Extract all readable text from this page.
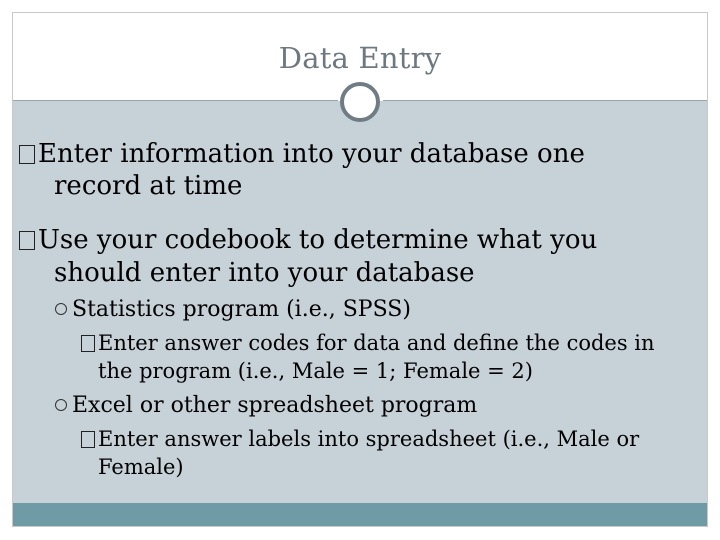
Data Entry
Enter information into your database one
record at time
Use your codebook to determine what you
should enter into your database
Statistics program (i.e., SPSS)
Enter answer codes for data and define the codes in
the program (i.e., Male = 1; Female = 2)
Excel or other spreadsheet program
Enter answer labels into spreadsheet (i.e., Male or
Female)
